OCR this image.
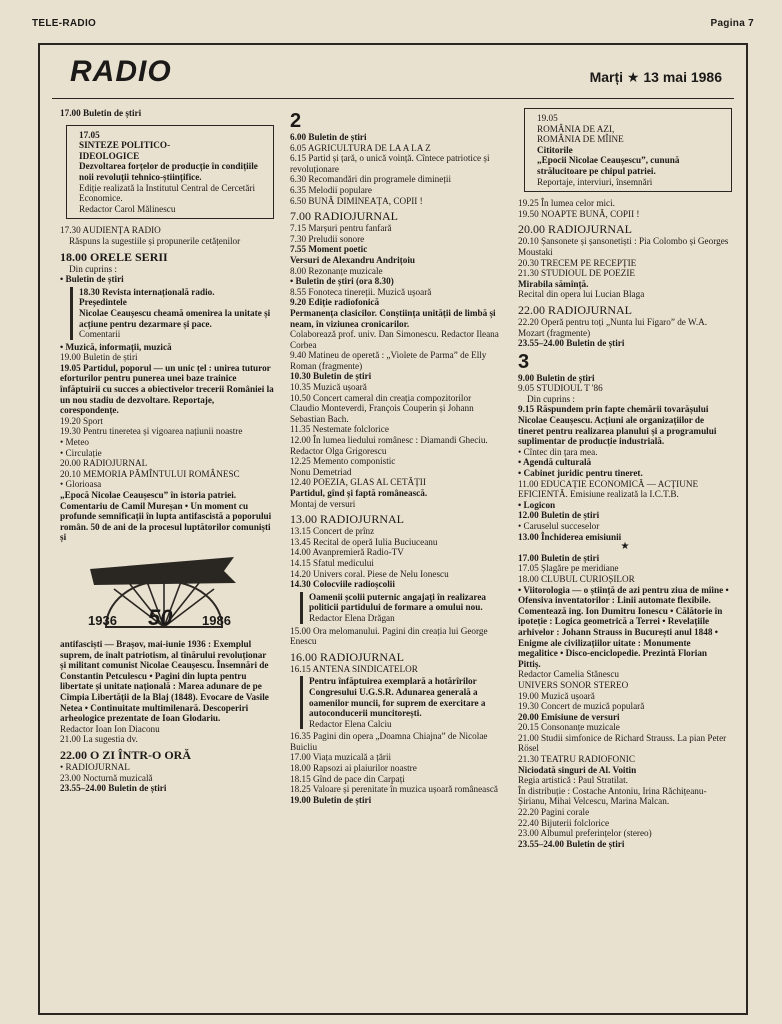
TELE-RADIO	Pagina 7
RADIO	Marți ★ 13 mai 1986
17.00 Buletin de știri
17.05
SINTEZE POLITICO-
IDEOLOGICE
Dezvoltarea forțelor de producție în condițiile noii revoluții tehnico-științifice.
Ediție realizată la Institutul Central de Cercetări Economice.
Redactor Carol Mălinescu
17.30 AUDIENȚA RADIO
Răspuns la sugestiile și propunerile cetățenilor
18.00 ORELE SERII
Din cuprins :
• Buletin de știri
18.30 Revista internațională radio.
Președintele
Nicolae Ceaușescu cheamă omenirea la unitate și acțiune pentru dezarmare și pace.
Comentarii
• Muzică, informații, muzică
19.00 Buletin de știri
19.05 Partidul, poporul — un unic țel : unirea tuturor eforturilor pentru punerea unei baze trainice înfăptuirii cu succes a obiectivelor trecerii României la un nou stadiu de dezvoltare. Reportaje, corespondențe.
19.20 Sport
19.30 Pentru tineretea și vigoarea națiunii noastre
• Meteo
• Circulație
20.00 RADIOJURNAL
20.10 MEMORIA PĂMÎNTULUI ROMÂNESC
• Glorioasa
„Epocă Nicolae Ceaușescu” în istoria patriei. Comentariu de Camil Mureșan • Un moment cu profunde semnificații în lupta antifascistă a poporului român. 50 de ani de la procesul luptătorilor comuniști și
1936 50 1986
antifasciști — Brașov, mai-iunie 1936 : Exemplul suprem, de înalt patriotism, al tînărului revoluționar și militant comunist Nicolae Ceaușescu. Însemnări de Constantin Petculescu • Pagini din lupta pentru libertate și unitate națională : Marea adunare de pe Cîmpia Libertății de la Blaj (1848). Evocare de Vasile Netea • Continuitate multimilenară. Descoperiri arheologice prezentate de Ioan Glodariu.
Redactor Ioan Ion Diaconu
21.00 La sugestia dv.
22.00 O ZI ÎNTR-O ORĂ
• RADIOJURNAL
23.00 Nocturnă muzicală
23.55–24.00 Buletin de știri
2
6.00 Buletin de știri
6.05 AGRICULTURA DE LA A LA Z
6.15 Partid și țară, o unică voință. Cîntece patriotice și revoluționare
6.30 Recomandări din programele dimineții
6.35 Melodii populare
6.50 BUNĂ DIMINEAȚA, COPII !
7.00 RADIOJURNAL
7.15 Marșuri pentru fanfară
7.30 Preludii sonore
7.55 Moment poetic
Versuri de Alexandru Andrițoiu
8.00 Rezonanțe muzicale
• Buletin de știri (ora 8.30)
8.55 Fonoteca tinereții. Muzică ușoară
9.20 Ediție radiofonică
Permanența clasicilor. Conștiința unității de limbă și neam, în viziunea cronicarilor.
Colaborează prof. univ. Dan Simonescu. Redactor Ileana Corbea
9.40 Matineu de operetă : „Violete de Parma” de Elly Roman (fragmente)
10.30 Buletin de știri
10.35 Muzică ușoară
10.50 Concert cameral din creația compozitorilor Claudio Monteverdi, François Couperin și Johann Sebastian Bach.
11.35 Nestemate folclorice
12.00 În lumea liedului românesc : Diamandi Gheciu.
Redactor Olga Grigorescu
12.25 Memento componistic
Nonu Demetriad
12.40 POEZIA, GLAS AL CETĂȚII
Partidul, gînd și faptă românească.
Montaj de versuri
13.00 RADIOJURNAL
13.15 Concert de prînz
13.45 Recital de operă Iulia Buciuceanu
14.00 Avanpremieră Radio-TV
14.15 Sfatul medicului
14.20 Univers coral. Piese de Nelu Ionescu
14.30 Colocviile radioșcolii
Oamenii școlii puternic angajați în realizarea politicii partidului de formare a omului nou.
Redactor Elena Drăgan
15.00 Ora melomanului. Pagini din creația lui George Enescu
16.00 RADIOJURNAL
16.15 ANTENA SINDICATELOR
Pentru înfăptuirea exemplară a hotărîrilor Congresului U.G.S.R. Adunarea generală a oamenilor muncii, for suprem de exercitare a autoconducerii muncitorești.
Redactor Elena Calciu
16.35 Pagini din opera „Doamna Chiajna” de Nicolae Buicliu
17.00 Viața muzicală a țării
18.00 Rapsozi ai plaiurilor noastre
18.15 Gînd de pace din Carpați
18.25 Valoare și perenitate în muzica ușoară românească
19.00 Buletin de știri
19.05
ROMÂNIA DE AZI,
ROMÂNIA DE MÎINE
Cititorile
„Epocii Nicolae Ceaușescu”, cunună strălucitoare pe chipul patriei.
Reportaje, interviuri, însemnări
19.25 În lumea celor mici.
19.50 NOAPTE BUNĂ, COPII !
20.00 RADIOJURNAL
20.10 Șansonete și șansonetiști : Pia Colombo și Georges Moustaki
20.30 TRECEM PE RECEPȚIE
21.30 STUDIOUL DE POEZIE
Mirabila sămînță.
Recital din opera lui Lucian Blaga
22.00 RADIOJURNAL
22.20 Operă pentru toți „Nunta lui Figaro” de W.A. Mozart (fragmente)
23.55–24.00 Buletin de știri
3
9.00 Buletin de știri
9.05 STUDIOUL T '86
Din cuprins :
9.15 Răspundem prin fapte chemării tovarășului Nicolae Ceaușescu. Acțiuni ale organizațiilor de tineret pentru realizarea planului și a programului suplimentar de producție industrială.
• Cîntec din țara mea.
• Agendă culturală
• Cabinet juridic pentru tineret.
11.00 EDUCAȚIE ECONOMICĂ — ACȚIUNE EFICIENTĂ. Emisiune realizată la I.C.T.B.
• Logicon
12.00 Buletin de știri
• Caruselul succeselor
13.00 Închiderea emisiunii
★
17.00 Buletin de știri
17.05 Șlagăre pe meridiane
18.00 CLUBUL CURIOȘILOR
• Viitorologia — o știință de azi pentru ziua de mîine • Ofensiva inventatorilor : Linii automate flexibile. Comentează ing. Ion Dumitru Ionescu • Călătorie în ipoteție : Logica geometrică a Terrei • Revelațiile arhivelor : Johann Strauss in București anul 1848 • Enigme ale civilizațiilor uitate : Monumente megalitice • Disco-enciclopedie. Prezintă Florian Pittiș.
Redactor Camelia Stănescu
UNIVERS SONOR STEREO
19.00 Muzică ușoară
19.30 Concert de muzică populară
20.00 Emisiune de versuri
20.15 Consonanțe muzicale
21.00 Studii simfonice de Richard Strauss. La pian Peter Rösel
21.30 TEATRU RADIOFONIC
Niciodată singuri de Al. Voitin
Regia artistică : Paul Stratilat.
În distribuție : Costache Antoniu, Irina Răchițeanu-Șirianu, Mihai Velcescu, Marina Malcan.
22.20 Pagini corale
22.40 Bijuterii folclorice
23.00 Albumul preferințelor (stereo)
23.55–24.00 Buletin de știri
